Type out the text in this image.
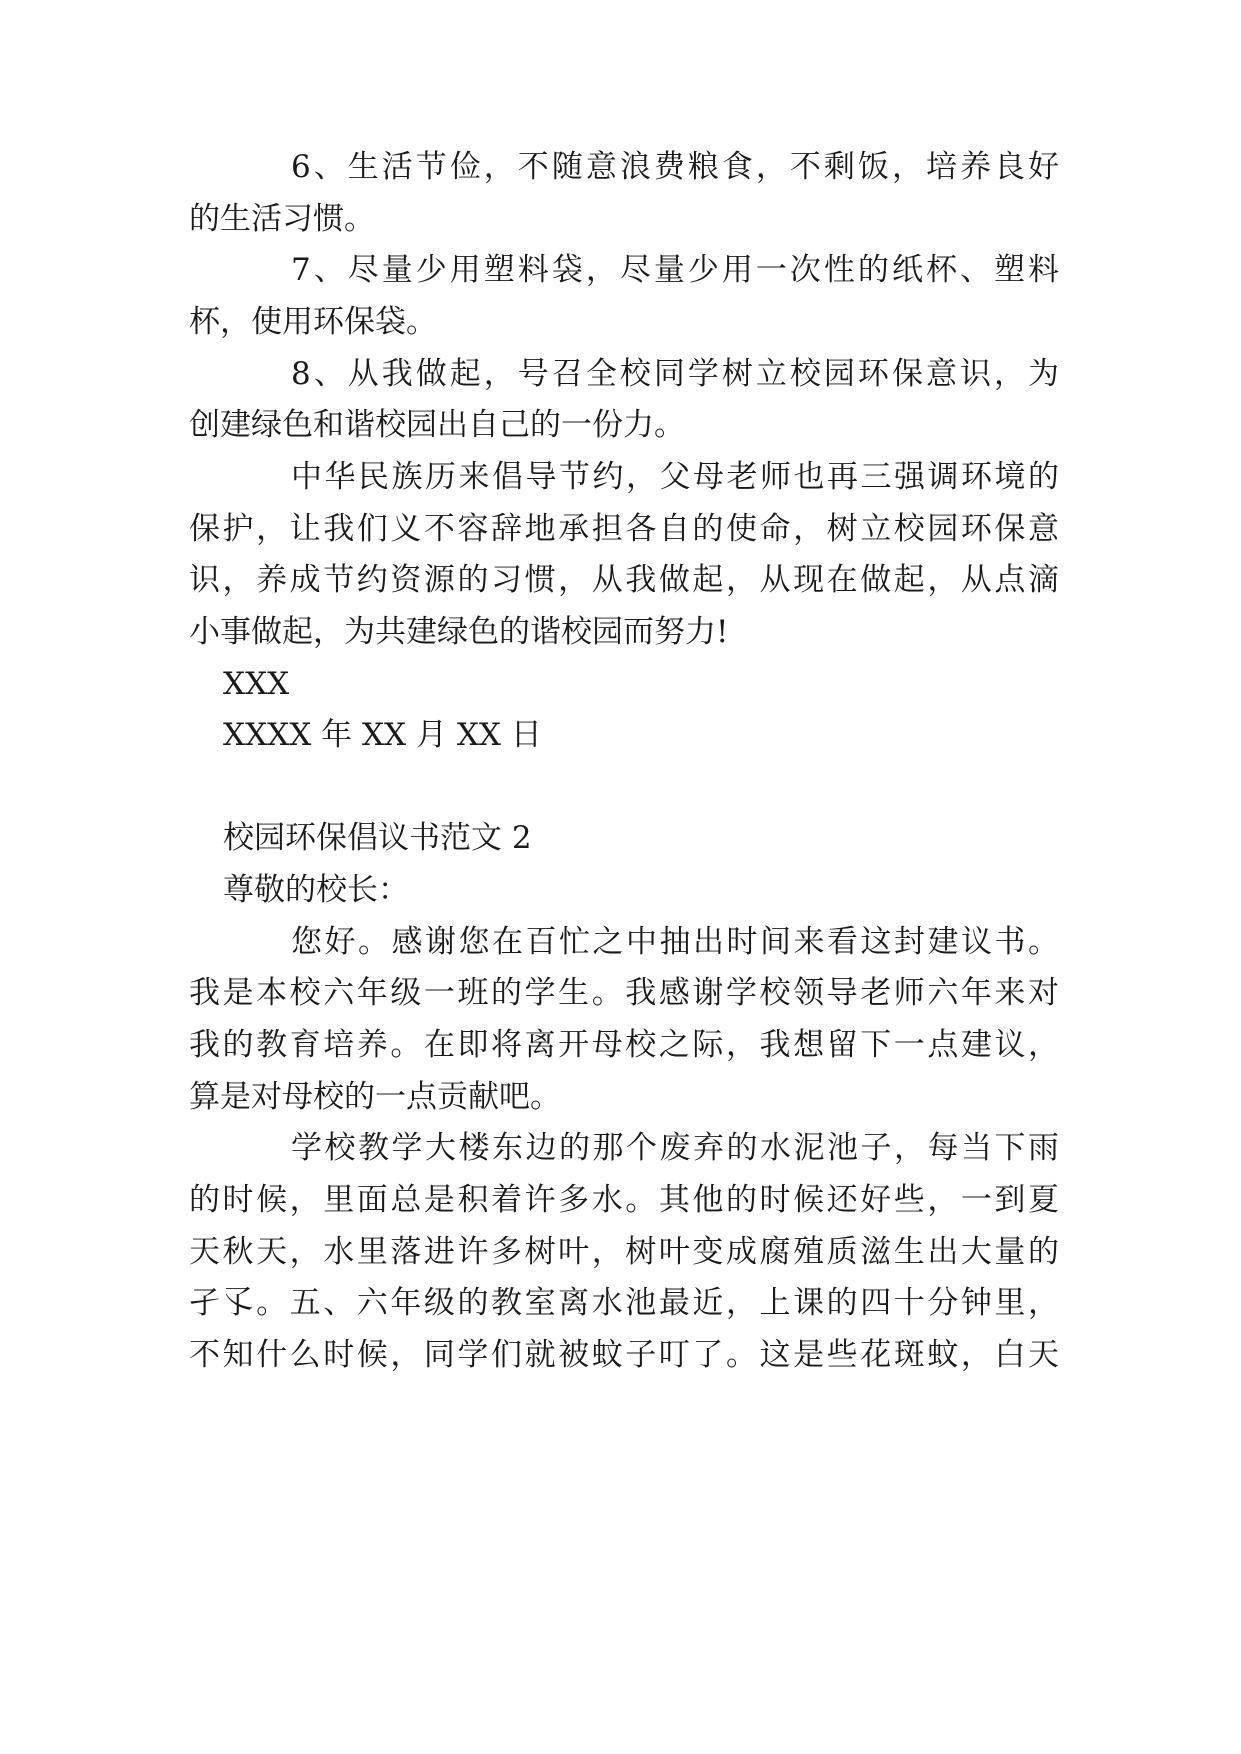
6、生活节俭，不随意浪费粮食，不剩饭，培养良好

的生活习惯。

7、尽量少用塑料袋，尽量少用一次性的纸杯、塑料

杯，使用环保袋。

8、从我做起，号召全校同学树立校园环保意识，为

创建绿色和谐校园出自己的一份力。

中华民族历来倡导节约，父母老师也再三强调环境的

保护，让我们义不容辞地承担各自的使命，树立校园环保意

识，养成节约资源的习惯，从我做起，从现在做起，从点滴

小事做起，为共建绿色的谐校园而努力!

XXX

XXXX 年 XX 月 XX 日

校园环保倡议书范文 2

尊敬的校长：

您好。感谢您在百忙之中抽出时间来看这封建议书。

我是本校六年级一班的学生。我感谢学校领导老师六年来对

我的教育培养。在即将离开母校之际，我想留下一点建议，

算是对母校的一点贡献吧。

学校教学大楼东边的那个废弃的水泥池子，每当下雨

的时候，里面总是积着许多水。其他的时候还好些，一到夏

天秋天，水里落进许多树叶，树叶变成腐殖质滋生出大量的

孑孓。五、六年级的教室离水池最近，上课的四十分钟里，

不知什么时候，同学们就被蚊子叮了。这是些花斑蚊，白天
